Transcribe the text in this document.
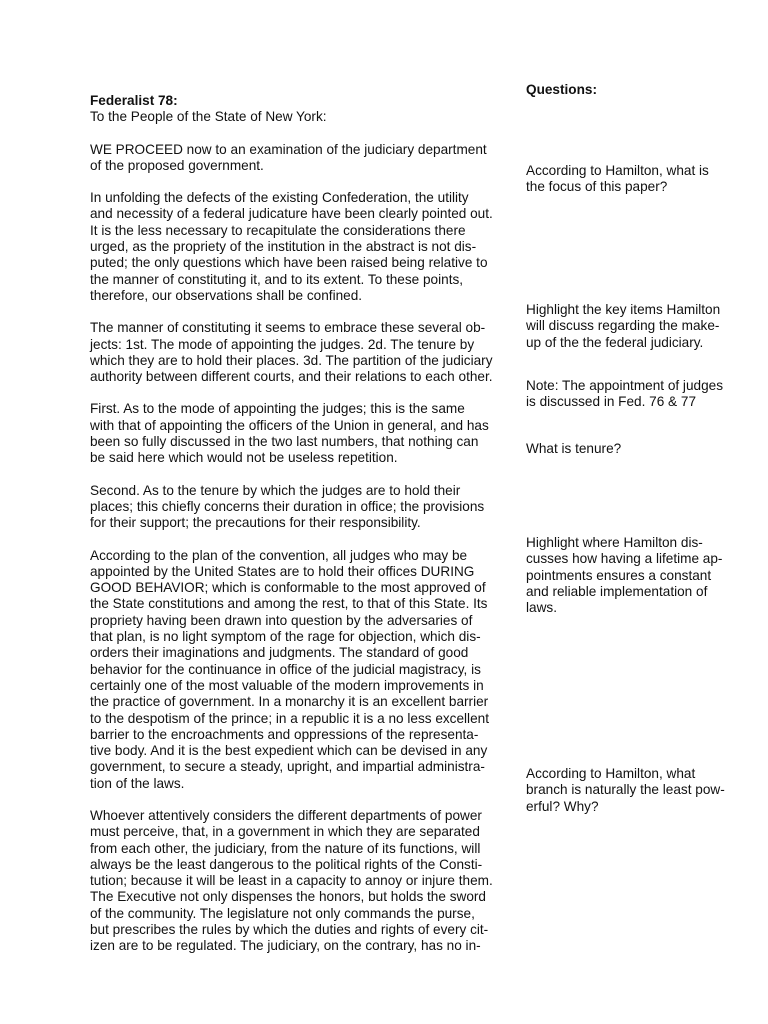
Federalist 78:

To the People of the State of New York:

WE PROCEED now to an examination of the judiciary department
of the proposed government.

In unfolding the defects of the existing Confederation, the utility
and necessity of a federal judicature have been clearly pointed out.
It is the less necessary to recapitulate the considerations there
urged, as the propriety of the institution in the abstract is not dis-
puted; the only questions which have been raised being relative to
the manner of constituting it, and to its extent. To these points,
therefore, our observations shall be confined.

The manner of constituting it seems to embrace these several ob-
jects: 1st. The mode of appointing the judges. 2d. The tenure by
which they are to hold their places. 3d. The partition of the judiciary
authority between different courts, and their relations to each other.

First. As to the mode of appointing the judges; this is the same
with that of appointing the officers of the Union in general, and has
been so fully discussed in the two last numbers, that nothing can
be said here which would not be useless repetition.

Second. As to the tenure by which the judges are to hold their
places; this chiefly concerns their duration in office; the provisions
for their support; the precautions for their responsibility.

According to the plan of the convention, all judges who may be
appointed by the United States are to hold their offices DURING
GOOD BEHAVIOR; which is conformable to the most approved of
the State constitutions and among the rest, to that of this State. Its
propriety having been drawn into question by the adversaries of
that plan, is no light symptom of the rage for objection, which dis-
orders their imaginations and judgments. The standard of good
behavior for the continuance in office of the judicial magistracy, is
certainly one of the most valuable of the modern improvements in
the practice of government. In a monarchy it is an excellent barrier
to the despotism of the prince; in a republic it is a no less excellent
barrier to the encroachments and oppressions of the representa-
tive body. And it is the best expedient which can be devised in any
government, to secure a steady, upright, and impartial administra-
tion of the laws.

Whoever attentively considers the different departments of power
must perceive, that, in a government in which they are separated
from each other, the judiciary, from the nature of its functions, will
always be the least dangerous to the political rights of the Consti-
tution; because it will be least in a capacity to annoy or injure them.
The Executive not only dispenses the honors, but holds the sword
of the community. The legislature not only commands the purse,
but prescribes the rules by which the duties and rights of every cit-
izen are to be regulated. The judiciary, on the contrary, has no in-

Questions:

According to Hamilton, what is
the focus of this paper?

Highlight the key items Hamilton
will discuss regarding the make-
up of the the federal judiciary.

Note: The appointment of judges
is discussed in Fed. 76 & 77

What is tenure?

Highlight where Hamilton dis-
cusses how having a lifetime ap-
pointments ensures a constant
and reliable implementation of
laws.

According to Hamilton, what
branch is naturally the least pow-
erful? Why?
